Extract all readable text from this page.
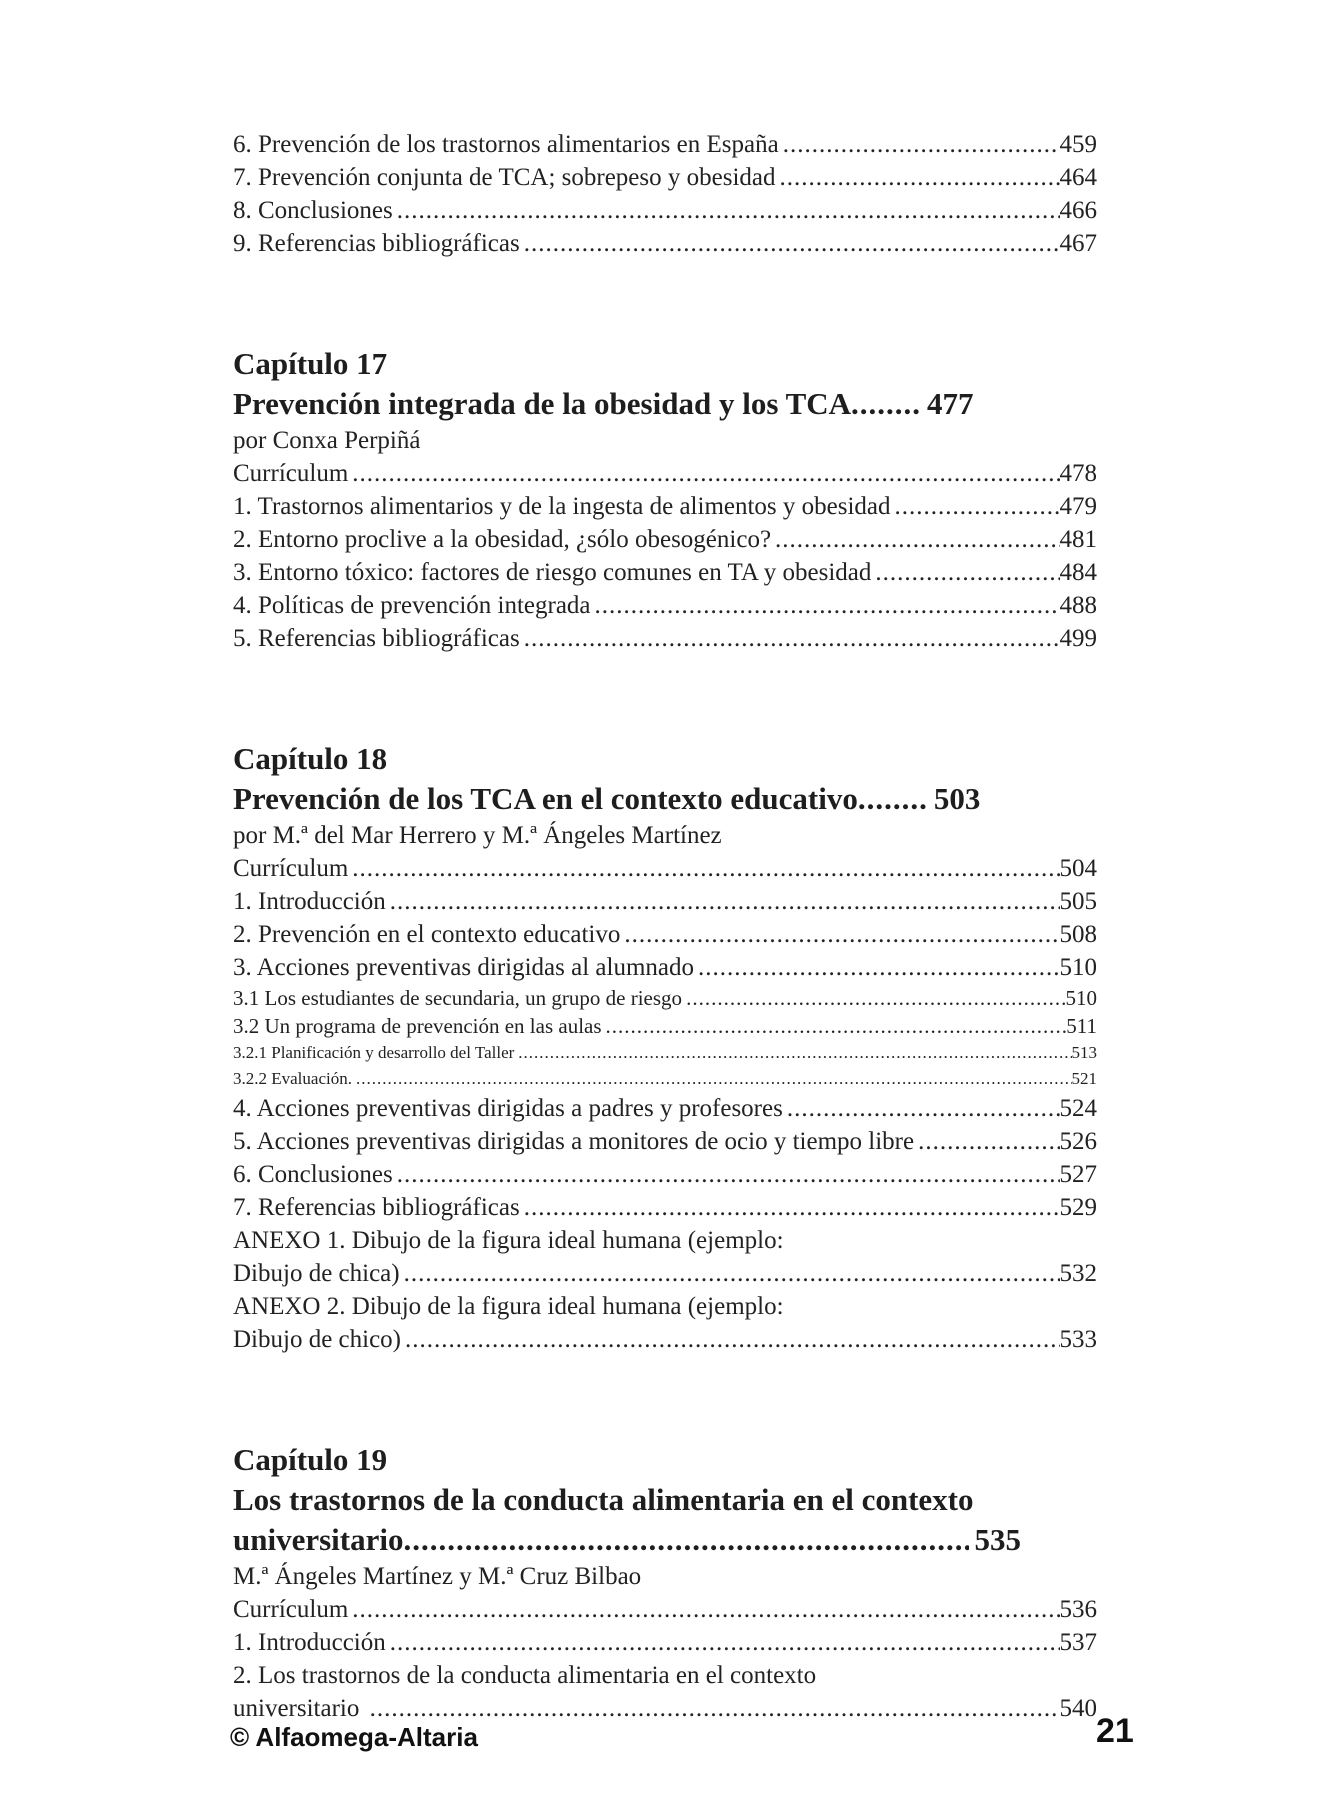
6. Prevención de los trastornos alimentarios en España .....	459
7. Prevención conjunta de TCA; sobrepeso y obesidad .....	464
8. Conclusiones .....	466
9. Referencias bibliográficas .....	467
Capítulo 17
Prevención integrada de la obesidad y los TCA ........ 477
por Conxa Perpiñá
Currículum .....	478
1. Trastornos alimentarios y de la ingesta de alimentos y obesidad .....	479
2. Entorno proclive a la obesidad, ¿sólo obesogénico? .....	481
3. Entorno tóxico: factores de riesgo comunes en TA y obesidad .....	484
4. Políticas de prevención integrada .....	488
5. Referencias bibliográficas .....	499
Capítulo 18
Prevención de los TCA en el contexto educativo ........ 503
por M.ª del Mar Herrero y M.ª Ángeles Martínez
Currículum .....	504
1. Introducción .....	505
2. Prevención en el contexto educativo .....	508
3. Acciones preventivas dirigidas al alumnado .....	510
3.1 Los estudiantes de secundaria, un grupo de riesgo .....	510
3.2 Un programa de prevención en las aulas .....	511
3.2.1 Planificación y desarrollo del Taller .....	513
3.2.2 Evaluación. .....	521
4. Acciones preventivas dirigidas a padres y profesores .....	524
5. Acciones preventivas dirigidas a monitores de ocio y tiempo libre .....	526
6. Conclusiones .....	527
7. Referencias bibliográficas .....	529
ANEXO 1. Dibujo de la figura ideal humana (ejemplo:
Dibujo de chica) .....	532
ANEXO 2. Dibujo de la figura ideal humana (ejemplo:
Dibujo de chico) .....	533
Capítulo 19
Los trastornos de la conducta alimentaria en el contexto
universitario .....	535
M.ª Ángeles Martínez y M.ª Cruz Bilbao
Currículum .....	536
1. Introducción .....	537
2. Los trastornos de la conducta alimentaria en el contexto
universitario .....	540
© Alfaomega-Altaria	21
